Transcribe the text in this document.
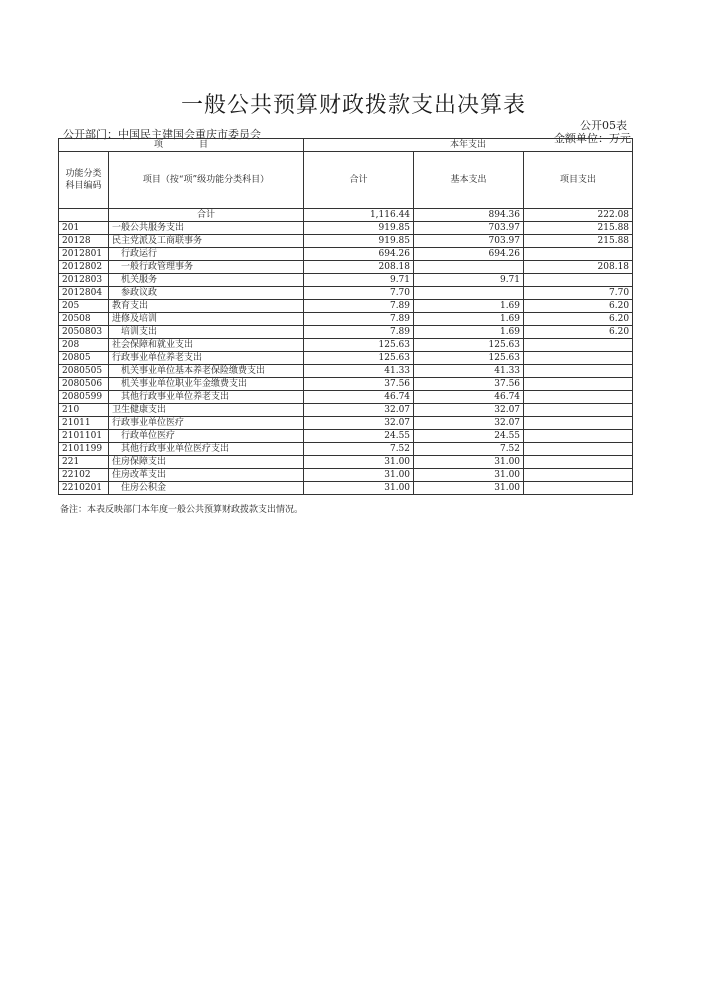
一般公共预算财政拨款支出决算表
公开05表
公开部门：中国民主建国会重庆市委员会	金额单位：万元
项　　　　目		本年支出		
功能分类科目编码	项目（按“项”级功能分类科目）	合计	基本支出	项目支出
	合计	1,116.44	894.36	222.08
201	一般公共服务支出	919.85	703.97	215.88
20128	民主党派及工商联事务	919.85	703.97	215.88
2012801	行政运行	694.26	694.26	
2012802	一般行政管理事务	208.18		208.18
2012803	机关服务	9.71	9.71	
2012804	参政议政	7.70		7.70
205	教育支出	7.89	1.69	6.20
20508	进修及培训	7.89	1.69	6.20
2050803	培训支出	7.89	1.69	6.20
208	社会保障和就业支出	125.63	125.63	
20805	行政事业单位养老支出	125.63	125.63	
2080505	机关事业单位基本养老保险缴费支出	41.33	41.33	
2080506	机关事业单位职业年金缴费支出	37.56	37.56	
2080599	其他行政事业单位养老支出	46.74	46.74	
210	卫生健康支出	32.07	32.07	
21011	行政事业单位医疗	32.07	32.07	
2101101	行政单位医疗	24.55	24.55	
2101199	其他行政事业单位医疗支出	7.52	7.52	
221	住房保障支出	31.00	31.00	
22102	住房改革支出	31.00	31.00	
2210201	住房公积金	31.00	31.00	
备注：本表反映部门本年度一般公共预算财政拨款支出情况。
